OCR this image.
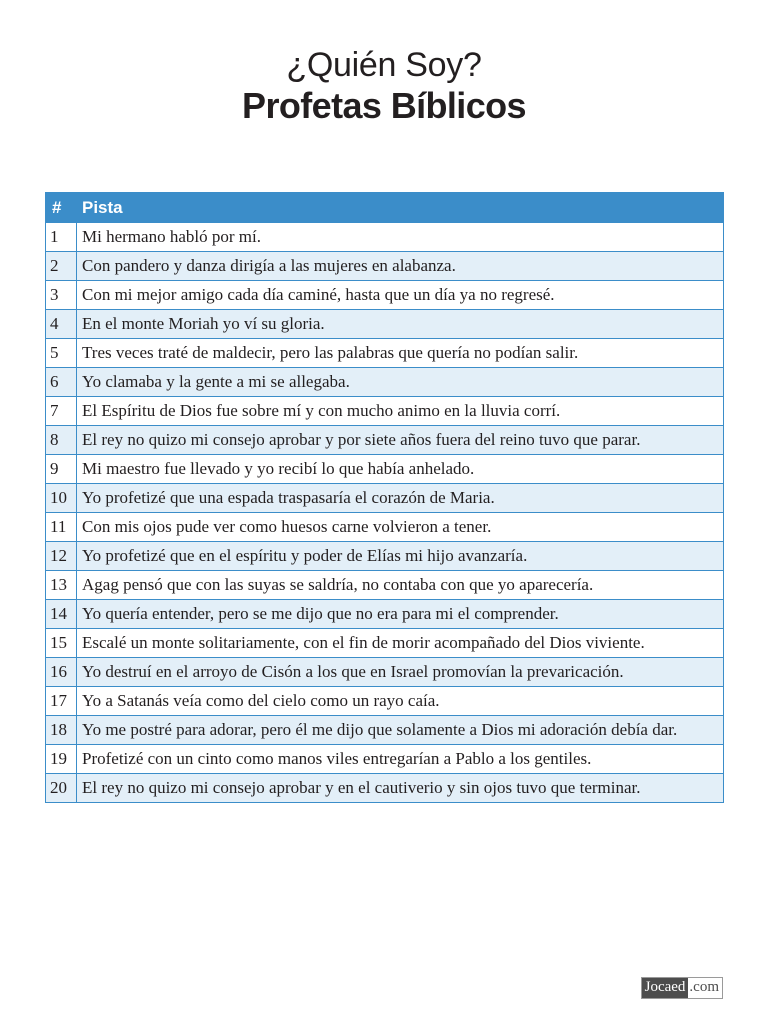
¿Quién Soy?
Profetas Bíblicos
#	Pista
1	Mi hermano habló por mí.
2	Con pandero y danza dirigía a las mujeres en alabanza.
3	Con mi mejor amigo cada día caminé, hasta que un día ya no regresé.
4	En el monte Moriah yo ví su gloria.
5	Tres veces traté de maldecir, pero las palabras que quería no podían salir.
6	Yo clamaba y la gente a mi se allegaba.
7	El Espíritu de Dios fue sobre mí y con mucho animo en la lluvia corrí.
8	El rey no quizo mi consejo aprobar y por siete años fuera del reino tuvo que parar.
9	Mi maestro fue llevado y yo recibí lo que había anhelado.
10	Yo profetizé que una espada traspasaría el corazón de Maria.
11	Con mis ojos pude ver como huesos carne volvieron a tener.
12	Yo profetizé que en el espíritu y poder de Elías mi hijo avanzaría.
13	Agag pensó que con las suyas se saldría, no contaba con que yo aparecería.
14	Yo quería entender, pero se me dijo que no era para mi el comprender.
15	Escalé un monte solitariamente, con el fin de morir acompañado del Dios viviente.
16	Yo destruí en el arroyo de Cisón a los que en Israel promovían la prevaricación.
17	Yo a Satanás veía como del cielo como un rayo caía.
18	Yo me postré para adorar, pero él me dijo que solamente a Dios mi adoración debía dar.
19	Profetizé con un cinto como manos viles entregarían a Pablo a los gentiles.
20	El rey no quizo mi consejo aprobar y en el cautiverio y sin ojos tuvo que terminar.
Jocaed .com
